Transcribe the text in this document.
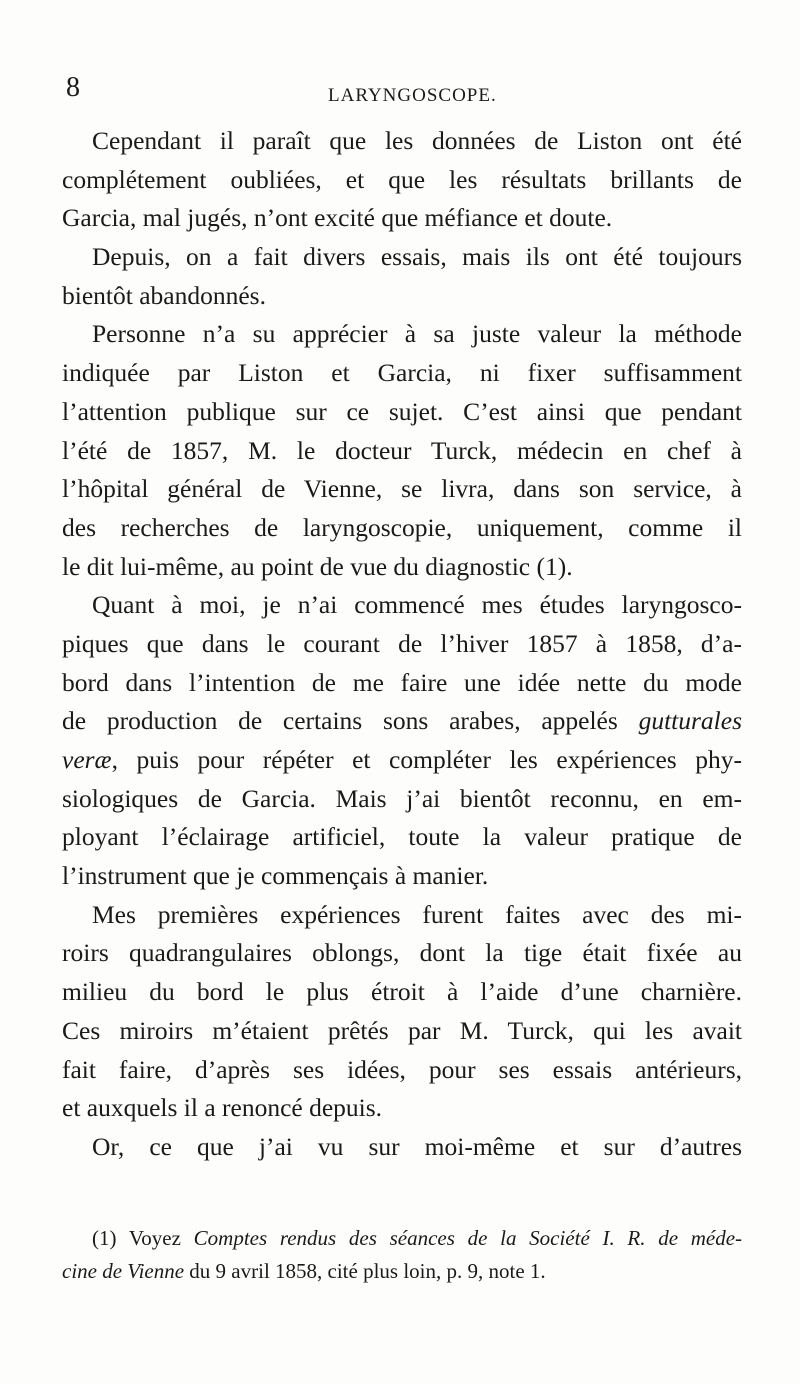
8	LARYNGOSCOPE.
Cependant il paraît que les données de Liston ont été
complétement oubliées, et que les résultats brillants de
Garcia, mal jugés, n’ont excité que méfiance et doute.
Depuis, on a fait divers essais, mais ils ont été toujours
bientôt abandonnés.
Personne n’a su apprécier à sa juste valeur la méthode
indiquée par Liston et Garcia, ni fixer suffisamment
l’attention publique sur ce sujet. C’est ainsi que pendant
l’été de 1857, M. le docteur Turck, médecin en chef à
l’hôpital général de Vienne, se livra, dans son service, à
des recherches de laryngoscopie, uniquement, comme il
le dit lui-même, au point de vue du diagnostic (1).
Quant à moi, je n’ai commencé mes études laryngosco-
piques que dans le courant de l’hiver 1857 à 1858, d’a-
bord dans l’intention de me faire une idée nette du mode
de production de certains sons arabes, appelés gutturales
veræ, puis pour répéter et compléter les expériences phy-
siologiques de Garcia. Mais j’ai bientôt reconnu, en em-
ployant l’éclairage artificiel, toute la valeur pratique de
l’instrument que je commençais à manier.
Mes premières expériences furent faites avec des mi-
roirs quadrangulaires oblongs, dont la tige était fixée au
milieu du bord le plus étroit à l’aide d’une charnière.
Ces miroirs m’étaient prêtés par M. Turck, qui les avait
fait faire, d’après ses idées, pour ses essais antérieurs,
et auxquels il a renoncé depuis.
Or, ce que j’ai vu sur moi-même et sur d’autres
(1) Voyez Comptes rendus des séances de la Société I. R. de méde-
cine de Vienne du 9 avril 1858, cité plus loin, p. 9, note 1.
